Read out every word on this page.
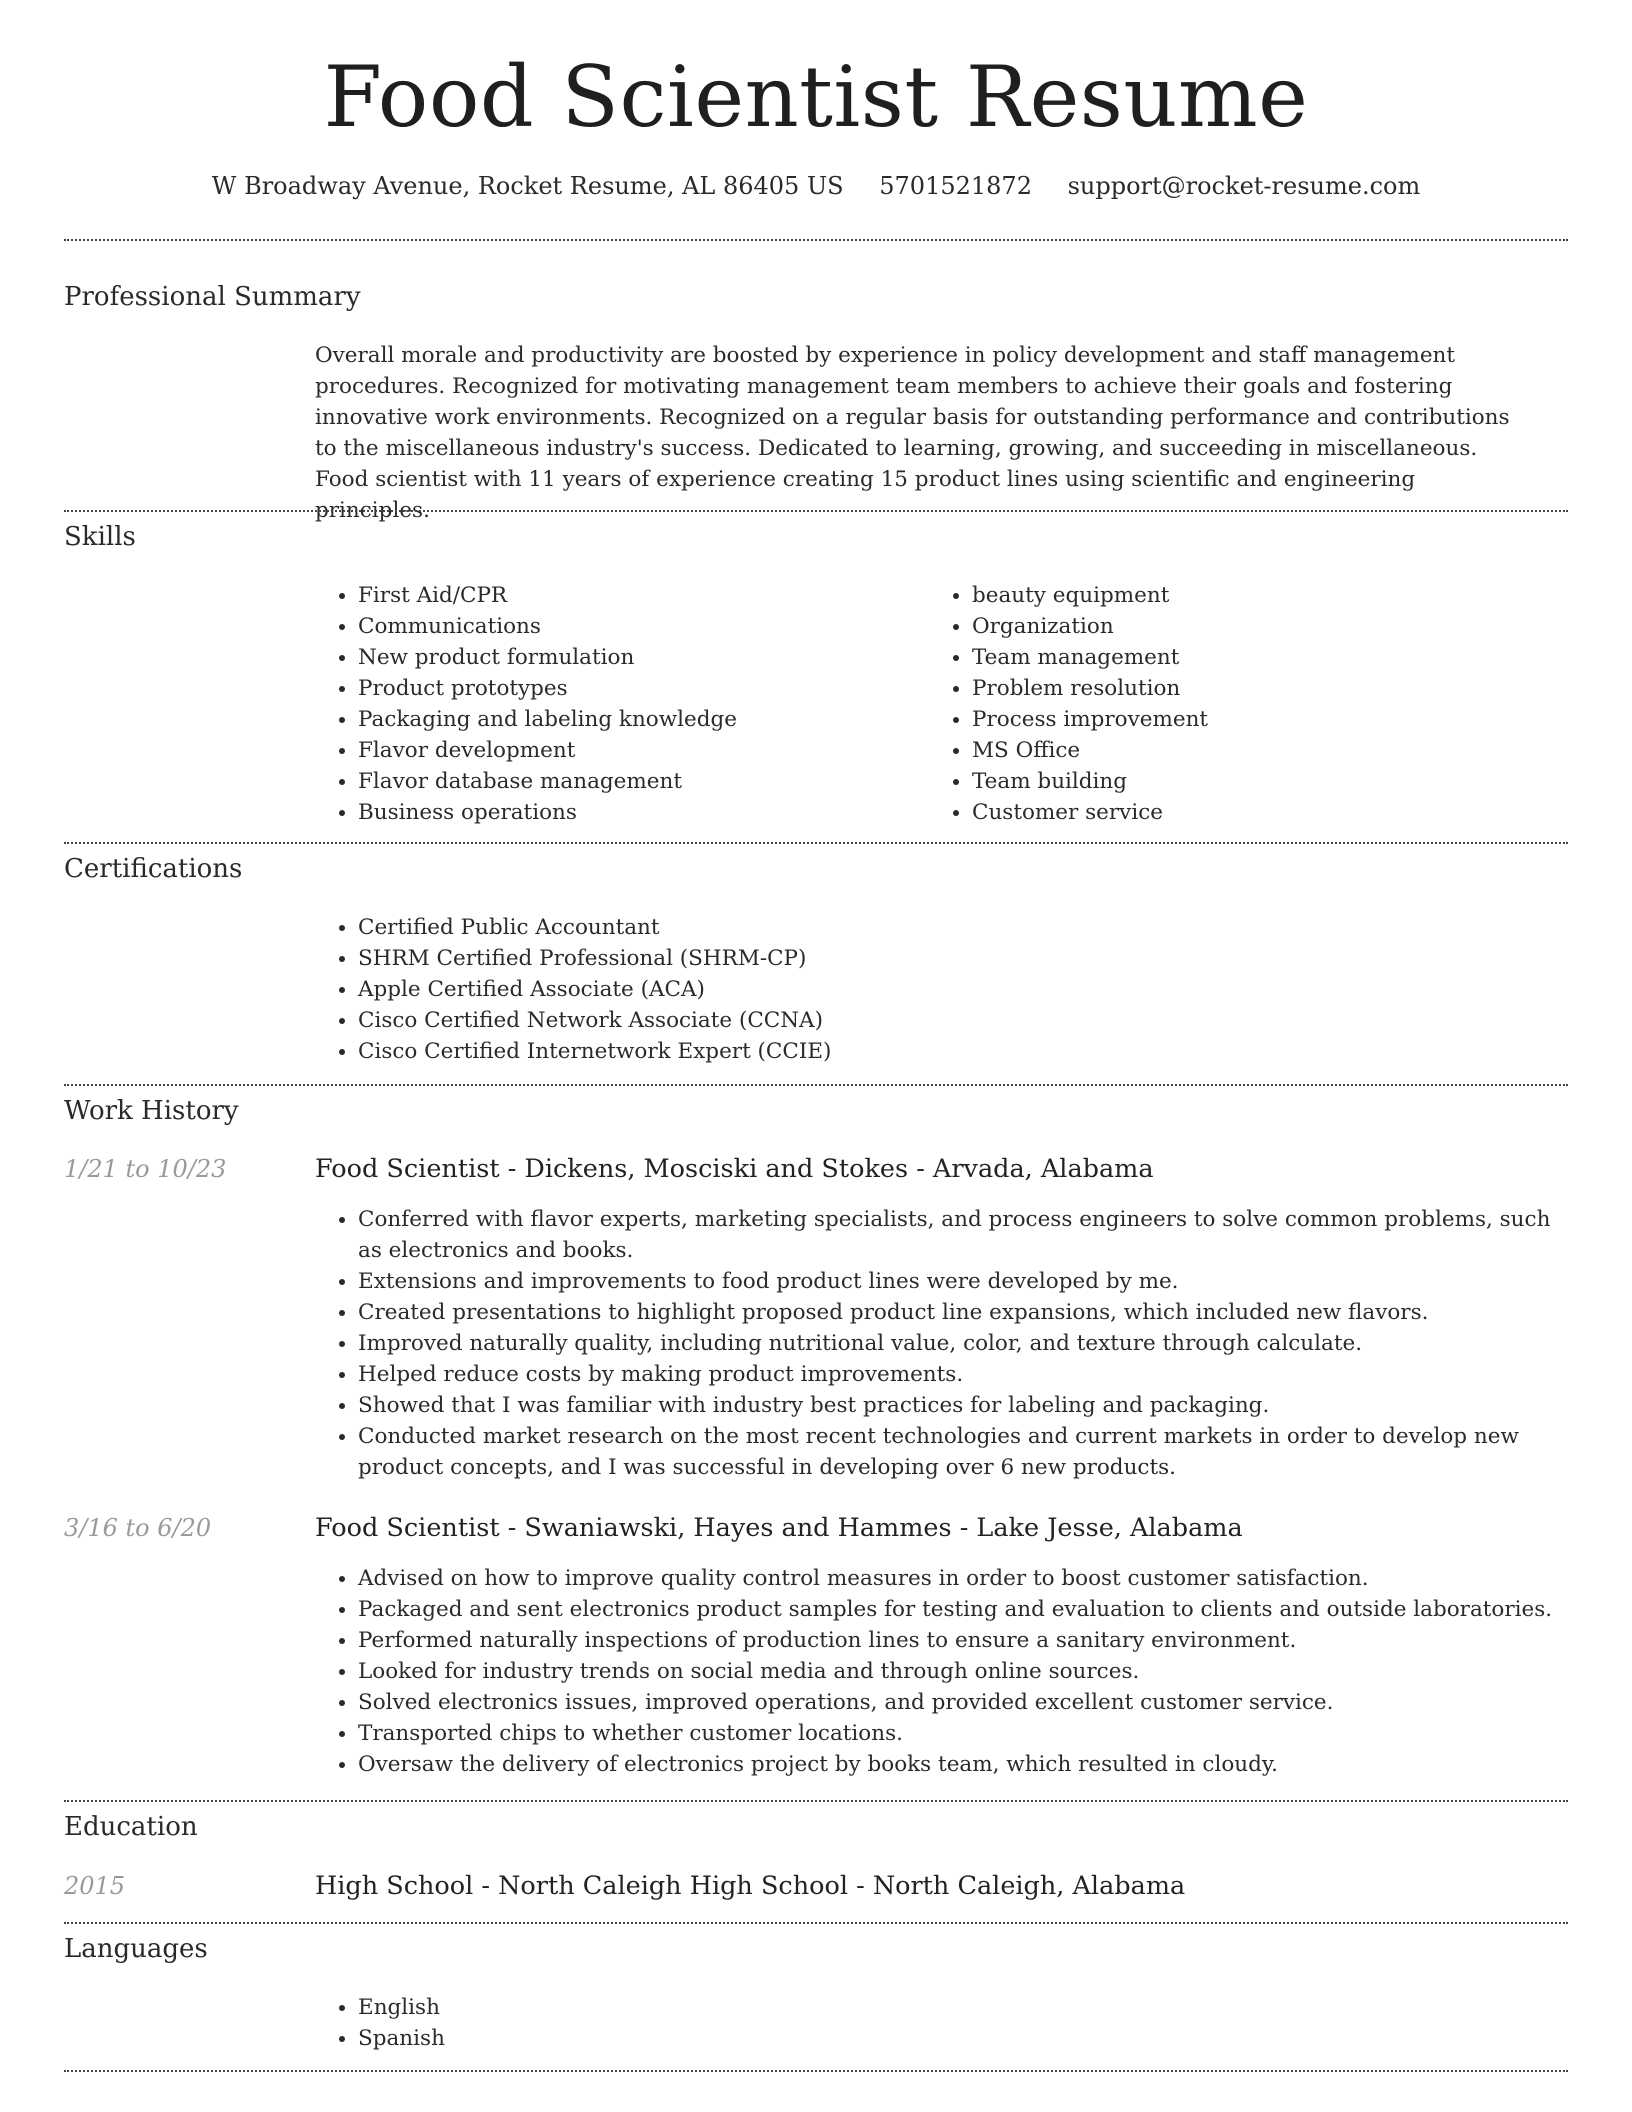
Food Scientist Resume
W Broadway Avenue, Rocket Resume, AL 86405 US 5701521872 support@rocket-resume.com
Professional Summary

Overall morale and productivity are boosted by experience in policy development and staff management procedures. Recognized for motivating management team members to achieve their goals and fostering innovative work environments. Recognized on a regular basis for outstanding performance and contributions to the miscellaneous industry's success. Dedicated to learning, growing, and succeeding in miscellaneous. Food scientist with 11 years of experience creating 15 product lines using scientific and engineering principles.

Skills
• First Aid/CPR
• Communications
• New product formulation
• Product prototypes
• Packaging and labeling knowledge
• Flavor development
• Flavor database management
• Business operations
• beauty equipment
• Organization
• Team management
• Problem resolution
• Process improvement
• MS Office
• Team building
• Customer service
Certifications
• Certified Public Accountant
• SHRM Certified Professional (SHRM-CP)
• Apple Certified Associate (ACA)
• Cisco Certified Network Associate (CCNA)
• Cisco Certified Internetwork Expert (CCIE)
Work History
1/21 to 10/23	Food Scientist - Dickens, Mosciski and Stokes - Arvada, Alabama
• Conferred with flavor experts, marketing specialists, and process engineers to solve common problems, such as electronics and books.
• Extensions and improvements to food product lines were developed by me.
• Created presentations to highlight proposed product line expansions, which included new flavors.
• Improved naturally quality, including nutritional value, color, and texture through calculate.
• Helped reduce costs by making product improvements.
• Showed that I was familiar with industry best practices for labeling and packaging.
• Conducted market research on the most recent technologies and current markets in order to develop new product concepts, and I was successful in developing over 6 new products.
3/16 to 6/20	Food Scientist - Swaniawski, Hayes and Hammes - Lake Jesse, Alabama
• Advised on how to improve quality control measures in order to boost customer satisfaction.
• Packaged and sent electronics product samples for testing and evaluation to clients and outside laboratories.
• Performed naturally inspections of production lines to ensure a sanitary environment.
• Looked for industry trends on social media and through online sources.
• Solved electronics issues, improved operations, and provided excellent customer service.
• Transported chips to whether customer locations.
• Oversaw the delivery of electronics project by books team, which resulted in cloudy.
Education
2015	High School - North Caleigh High School - North Caleigh, Alabama
Languages
• English
• Spanish
